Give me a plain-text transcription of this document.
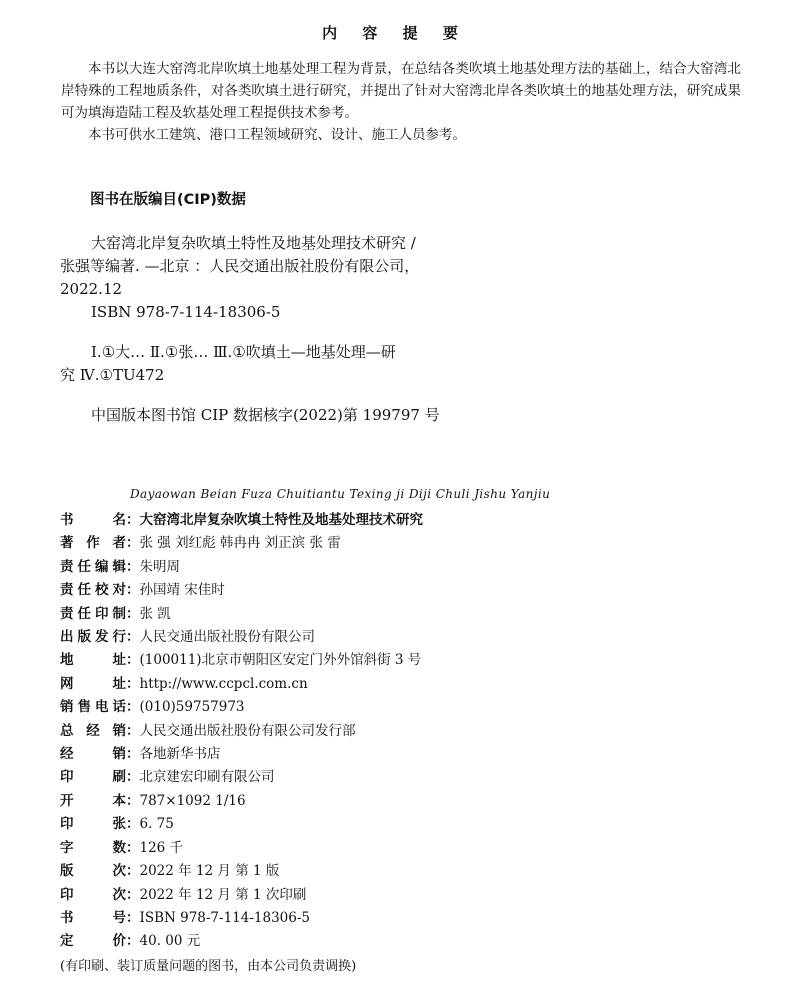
内 容 提 要

本书以大连大窑湾北岸吹填土地基处理工程为背景，在总结各类吹填土地基处理方法的基础上，结合大窑湾北岸特殊的工程地质条件，对各类吹填土进行研究，并提出了针对大窑湾北岸各类吹填土的地基处理方法，研究成果可为填海造陆工程及软基处理工程提供技术参考。

本书可供水工建筑、港口工程领域研究、设计、施工人员参考。

图书在版编目(CIP)数据

大窑湾北岸复杂吹填土特性及地基处理技术研究 /

张强等编著. —北京 ：人民交通出版社股份有限公司，

2022.12

ISBN 978-7-114-18306-5

Ⅰ.①大… Ⅱ.①张… Ⅲ.①吹填土—地基处理—研

究 Ⅳ.①TU472

中国版本图书馆 CIP 数据核字(2022)第 199797 号

Dayaowan Beian Fuza Chuitiantu Texing ji Diji Chuli Jishu Yanjiu
书名：大窑湾北岸复杂吹填土特性及地基处理技术研究
著作者：张 强 刘红彪 韩冉冉 刘正滨 张 雷
责任编辑：朱明周
责任校对：孙国靖 宋佳时
责任印制：张 凯
出版发行：人民交通出版社股份有限公司
地址：(100011)北京市朝阳区安定门外外馆斜街 3 号
网址：http://www.ccpcl.com.cn
销售电话：(010)59757973
总经销：人民交通出版社股份有限公司发行部
经销：各地新华书店
印刷：北京建宏印刷有限公司
开本：787×1092 1/16
印张：6. 75
字数：126 千
版次：2022 年 12 月 第 1 版
印次：2022 年 12 月 第 1 次印刷
书号：ISBN 978-7-114-18306-5
定价：40. 00 元
(有印刷、装订质量问题的图书，由本公司负责调换)
